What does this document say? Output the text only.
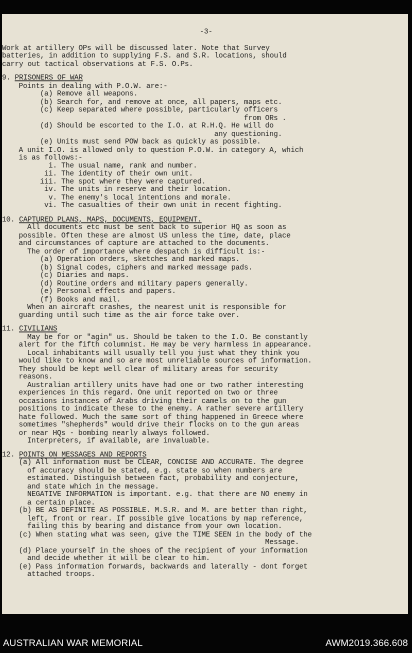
-3-
Work at artillery OPs will be discussed later. Note that Survey
batteries, in addition to supplying F.S. and S.R. locations, should
carry out tactical observations at F.S. O.Ps.
9. PRISONERS OF WAR
Points in dealing with P.O.W. are:-
(a) Remove all weapons.
(b) Search for, and remove at once, all papers, maps etc.
(c) Keep separated where possible, particularly officers
from ORs .
(d) Should be escorted to the I.O. at R.H.Q. He will do
any questioning.
(e) Units must send POW back as quickly as possible.
A unit I.O. is allowed only to question P.O.W. in category A, which
is as follows:-
i. The usual name, rank and number.
ii. The identity of their own unit.
iii. The spot where they were captured.
iv. The units in reserve and their location.
v. The enemy's local intentions and morale.
vi. The casualties of their own unit in recent fighting.
10. CAPTURED PLANS, MAPS, DOCUMENTS, EQUIPMENT.
All documents etc must be sent back to superior HQ as soon as
possible. Often these are almost US unless the time, date, place
and circumstances of capture are attached to the documents.
The order of importance where despatch is difficult is:-
(a) Operation orders, sketches and marked maps.
(b) Signal codes, ciphers and marked message pads.
(c) Diaries and maps.
(d) Routine orders and military papers generally.
(e) Personal effects and papers.
(f) Books and mail.
When an aircraft crashes, the nearest unit is responsible for
guarding until such time as the air force take over.
11. CIVILIANS
May be for or "agin" us. Should be taken to the I.O. Be constantly
alert for the fifth columnist. He may be very harmless in appearance.
Local inhabitants will usually tell you just what they think you
would like to know and so are most unreliable sources of information.
They should be kept well clear of military areas for security
reasons.
Australian artillery units have had one or two rather interesting
experiences in this regard. One unit reported on two or three
occasions instances of Arabs driving their camels on to the gun
positions to indicate these to the enemy. A rather severe artillery
hate followed. Much the same sort of thing happened in Greece where
sometimes "shepherds" would drive their flocks on to the gun areas
or near HQs - bombing nearly always followed.
Interpreters, if available, are invaluable.
12. POINTS ON MESSAGES AND REPORTS
(a) All information must be CLEAR, CONCISE AND ACCURATE. The degree
of accuracy should be stated, e.g. state so when numbers are
estimated. Distinguish between fact, probability and conjecture,
and state which in the message.
NEGATIVE INFORMATION is important. e.g. that there are NO enemy in
a certain place.
(b) BE AS DEFINITE AS POSSIBLE. M.S.R. and M. are better than right,
left, front or rear. If possible give locations by map reference,
failing this by bearing and distance from your own location.
(c) When stating what was seen, give the TIME SEEN in the body of the
Message.
(d) Place yourself in the shoes of the recipient of your information
and decide whether it will be clear to him.
(e) Pass information forwards, backwards and laterally - dont forget
attached troops.
AUSTRALIAN WAR MEMORIAL	AWM2019.366.608
